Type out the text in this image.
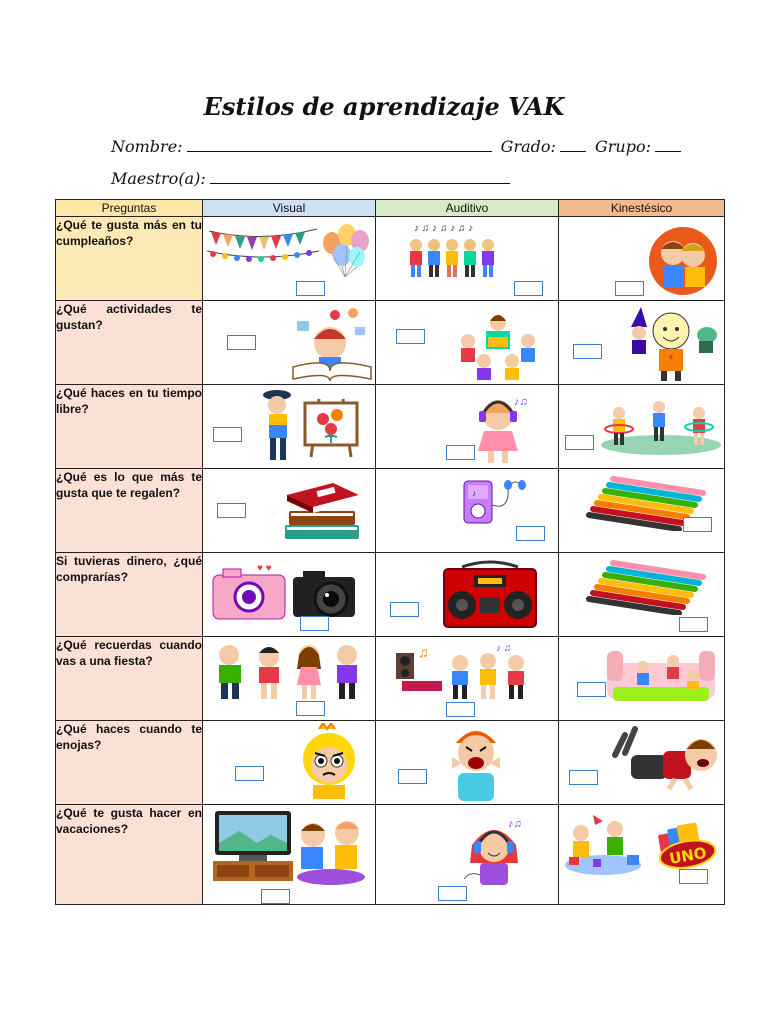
Estilos de aprendizaje VAK
Nombre:	Grado: Grupo:
Maestro(a):
Preguntas	Visual	Auditivo	Kinestésico
¿Qué te gusta más en tu cumpleaños?		♪ ♫ ♪ ♫ ♪ ♫ ♪

¿Qué actividades te gustan?	

¿Qué haces en tu tiempo libre?		♪♫

¿Qué es lo que más te gusta que te regalen?		♪

Si tuvieras dinero, ¿qué comprarías?	♥ ♥

¿Qué recuerdas cuando vas a una fiesta?		♫ ♪ ♫

¿Qué haces cuando te enojas?	

¿Qué te gusta hacer en vacaciones?		♪♫	UNO
